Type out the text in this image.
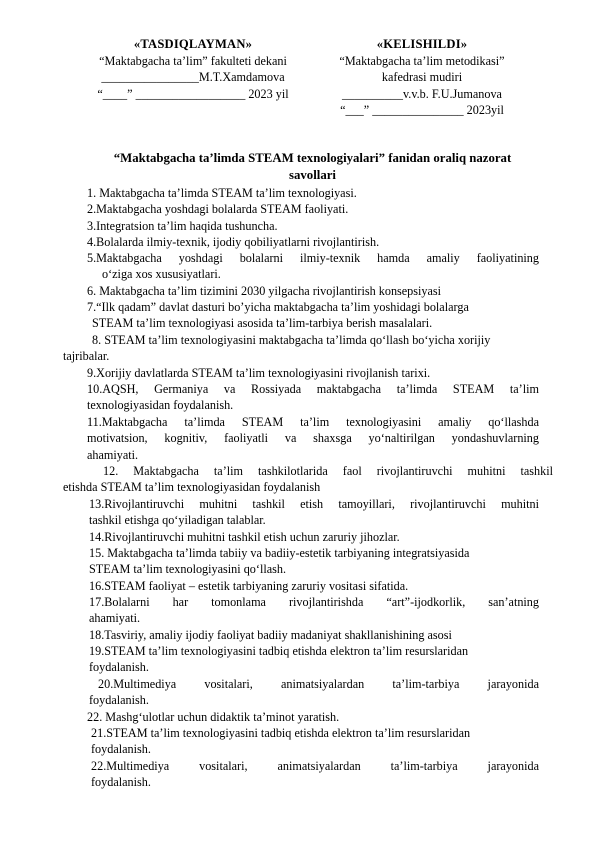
«TASDIQLAYMAN»
“Maktabgacha ta’lim” fakulteti dekani
________________M.T.Xamdamova
“____” __________________ 2023 yil
«KELISHILDI»
“Maktabgacha ta’lim metodikasi”
kafedrasi mudiri
__________v.v.b. F.U.Jumanova
“___” _______________ 2023yil
“Maktabgacha ta’limda STEAM texnologiyalari” fanidan oraliq nazorat
savollari
1. Maktabgacha ta’limda STEAM ta’lim texnologiyasi.
2.Maktabgacha yoshdagi bolalarda STEAM faoliyati.
3.Integratsion ta’lim haqida tushuncha.
4.Bolalarda ilmiy-texnik, ijodiy qobiliyatlarni rivojlantirish.
5.Maktabgacha yoshdagi bolalarni ilmiy-texnik hamda amaliy faoliyatining
o‘ziga xos xususiyatlari.
6. Maktabgacha ta’lim tizimini 2030 yilgacha rivojlantirish konsepsiyasi
7.“Ilk qadam” davlat dasturi bo’yicha maktabgacha ta’lim yoshidagi bolalarga
STEAM ta’lim texnologiyasi asosida ta’lim-tarbiya berish masalalari.
8. STEAM ta’lim texnologiyasini maktabgacha ta’limda qo‘llash bo‘yicha xorijiy
tajribalar.
9.Xorijiy davlatlarda STEAM ta’lim texnologiyasini rivojlanish tarixi.
10.AQSH, Germaniya va Rossiyada maktabgacha ta’limda STEAM ta’lim
texnologiyasidan foydalanish.
11.Maktabgacha ta’limda STEAM ta’lim texnologiyasini amaliy qo‘llashda
motivatsion, kognitiv, faoliyatli va shaxsga yo‘naltirilgan yondashuvlarning
ahamiyati.
12. Maktabgacha ta’lim tashkilotlarida faol rivojlantiruvchi muhitni tashkil
etishda STEAM ta’lim texnologiyasidan foydalanish
13.Rivojlantiruvchi muhitni tashkil etish tamoyillari, rivojlantiruvchi muhitni
tashkil etishga qo‘yiladigan talablar.
14.Rivojlantiruvchi muhitni tashkil etish uchun zaruriy jihozlar.
15. Maktabgacha ta’limda tabiiy va badiiy-estetik tarbiyaning integratsiyasida
STEAM ta’lim texnologiyasini qo‘llash.
16.STEAM faoliyat – estetik tarbiyaning zaruriy vositasi sifatida.
17.Bolalarni har tomonlama rivojlantirishda “art”-ijodkorlik, san’atning
ahamiyati.
18.Tasviriy, amaliy ijodiy faoliyat badiiy madaniyat shakllanishining asosi
19.STEAM ta’lim texnologiyasini tadbiq etishda elektron ta’lim resurslaridan
foydalanish.
20.Multimediya vositalari, animatsiyalardan ta’lim-tarbiya jarayonida
foydalanish.
22. Mashg‘ulotlar uchun didaktik ta’minot yaratish.
21.STEAM ta’lim texnologiyasini tadbiq etishda elektron ta’lim resurslaridan
foydalanish.
22.Multimediya vositalari, animatsiyalardan ta’lim-tarbiya jarayonida
foydalanish.
